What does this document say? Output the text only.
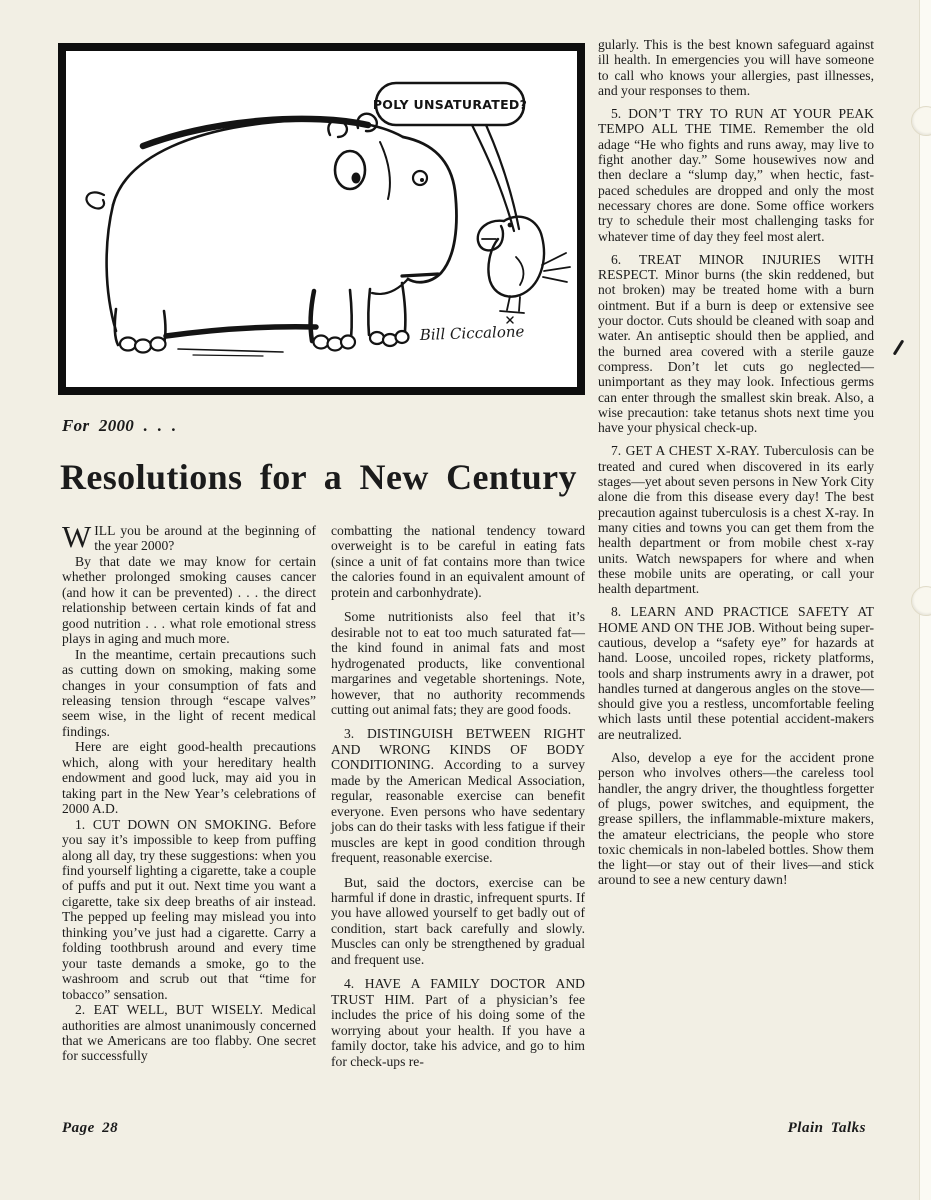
POLY UNSATURATED?
Bill Ciccalone
For 2000 . . .
Resolutions for a New Century

WILL you be around at the beginning of the year 2000?

By that date we may know for certain whether prolonged smoking causes cancer (and how it can be prevented) . . . the direct relationship between certain kinds of fat and good nutrition . . . what role emotional stress plays in aging and much more.

In the meantime, certain precautions such as cutting down on smoking, making some changes in your consumption of fats and releasing tension through “escape valves” seem wise, in the light of recent medical findings.

Here are eight good-health precautions which, along with your hereditary health endowment and good luck, may aid you in taking part in the New Year’s celebrations of 2000 A.D.

1. CUT DOWN ON SMOKING. Before you say it’s impossible to keep from puffing along all day, try these suggestions: when you find yourself lighting a cigarette, take a couple of puffs and put it out. Next time you want a cigarette, take six deep breaths of air instead. The pepped up feeling may mislead you into thinking you’ve just had a cigarette. Carry a folding toothbrush around and every time your taste demands a smoke, go to the washroom and scrub out that “time for tobacco” sensation.

2. EAT WELL, BUT WISELY. Medical authorities are almost unanimously concerned that we Americans are too flabby. One secret for successfully

combatting the national tendency toward overweight is to be careful in eating fats (since a unit of fat contains more than twice the calories found in an equivalent amount of protein and carbonhydrate).

Some nutritionists also feel that it’s desirable not to eat too much saturated fat—the kind found in animal fats and most hydrogenated products, like conventional margarines and vegetable shortenings. Note, however, that no authority recommends cutting out animal fats; they are good foods.

3. DISTINGUISH BETWEEN RIGHT AND WRONG KINDS OF BODY CONDITIONING. According to a survey made by the American Medical Association, regular, reasonable exercise can benefit everyone. Even persons who have sedentary jobs can do their tasks with less fatigue if their muscles are kept in good condition through frequent, reasonable exercise.

But, said the doctors, exercise can be harmful if done in drastic, infrequent spurts. If you have allowed yourself to get badly out of condition, start back carefully and slowly. Muscles can only be strengthened by gradual and frequent use.

4. HAVE A FAMILY DOCTOR AND TRUST HIM. Part of a physician’s fee includes the price of his doing some of the worrying about your health. If you have a family doctor, take his advice, and go to him for check-ups re-

gularly. This is the best known safeguard against ill health. In emergencies you will have someone to call who knows your allergies, past illnesses, and your responses to them.

5. DON’T TRY TO RUN AT YOUR PEAK TEMPO ALL THE TIME. Remember the old adage “He who fights and runs away, may live to fight another day.” Some housewives now and then declare a “slump day,” when hectic, fast-paced schedules are dropped and only the most necessary chores are done. Some office workers try to schedule their most challenging tasks for whatever time of day they feel most alert.

6. TREAT MINOR INJURIES WITH RESPECT. Minor burns (the skin reddened, but not broken) may be treated home with a burn ointment. But if a burn is deep or extensive see your doctor. Cuts should be cleaned with soap and water. An antiseptic should then be applied, and the burned area covered with a sterile gauze compress. Don’t let cuts go neglected—unimportant as they may look. Infectious germs can enter through the smallest skin break. Also, a wise precaution: take tetanus shots next time you have your physical check-up.

7. GET A CHEST X-RAY. Tuberculosis can be treated and cured when discovered in its early stages—yet about seven persons in New York City alone die from this disease every day! The best precaution against tuberculosis is a chest X-ray. In many cities and towns you can get them from the health department or from mobile chest x-ray units. Watch newspapers for where and when these mobile units are operating, or call your health department.

8. LEARN AND PRACTICE SAFETY AT HOME AND ON THE JOB. Without being super-cautious, develop a “safety eye” for hazards at hand. Loose, uncoiled ropes, rickety platforms, tools and sharp instruments awry in a drawer, pot handles turned at dangerous angles on the stove—should give you a restless, uncomfortable feeling which lasts until these potential accident-makers are neutralized.

Also, develop a eye for the accident prone person who involves others—the careless tool handler, the angry driver, the thoughtless forgetter of plugs, power switches, and equipment, the grease spillers, the inflammable-mixture makers, the amateur electricians, the people who store toxic chemicals in non-labeled bottles. Show them the light—or stay out of their lives—and stick around to see a new century dawn!

Page 28	Plain Talks
